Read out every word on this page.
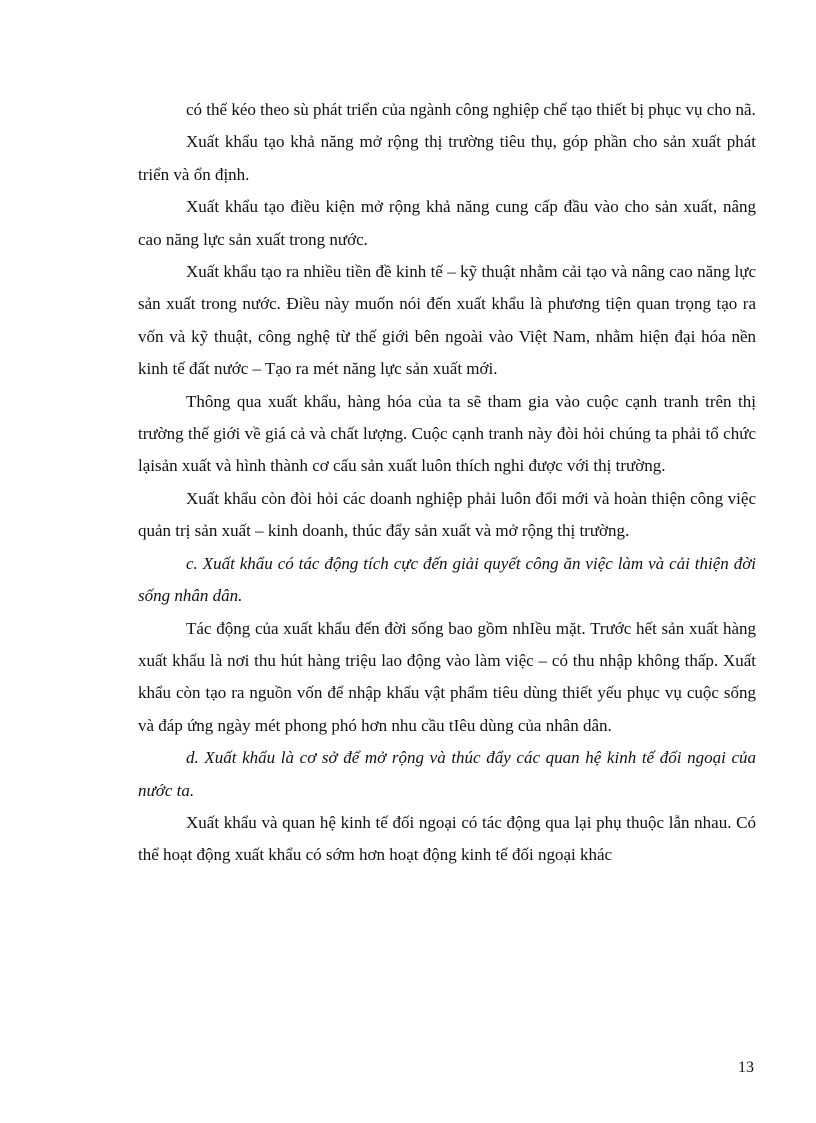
có thể kéo theo sù phát triển của ngành công nghiệp chế tạo thiết bị phục vụ cho nã.

Xuất khẩu tạo khả năng mở rộng thị trường tiêu thụ, góp phần cho sản xuất phát triển và ổn định.

Xuất khẩu tạo điều kiện mở rộng khả năng cung cấp đầu vào cho sản xuất, nâng cao năng lực sản xuất trong nước.

Xuất khẩu tạo ra nhiều tiền đề kinh tế – kỹ thuật nhằm cải tạo và nâng cao năng lực sản xuất trong nước. Điều này muốn nói đến xuất khẩu là phương tiện quan trọng tạo ra vốn và kỹ thuật, công nghệ từ thế giới bên ngoài vào Việt Nam, nhằm hiện đại hóa nền kinh tế đất nước – Tạo ra mét năng lực sản xuất mới.

Thông qua xuất khẩu, hàng hóa của ta sẽ tham gia vào cuộc cạnh tranh trên thị trường thế giới về giá cả và chất lượng. Cuộc cạnh tranh này đòi hỏi chúng ta phải tổ chức lạisản xuất và hình thành cơ cấu sản xuất luôn thích nghi được với thị trường.

Xuất khẩu còn đòi hỏi các doanh nghiệp phải luôn đổi mới và hoàn thiện công việc quản trị sản xuất – kinh doanh, thúc đẩy sản xuất và mở rộng thị trường.

c. Xuất khẩu có tác động tích cực đến giải quyết công ăn việc làm và cải thiện đời sống nhân dân.

Tác động của xuất khẩu đến đời sống bao gồm nhIều mặt. Trước hết sản xuất hàng xuất khẩu là nơi thu hút hàng triệu lao động vào làm việc – có thu nhập không thấp. Xuất khẩu còn tạo ra nguồn vốn để nhập khẩu vật phẩm tiêu dùng thiết yếu phục vụ cuộc sống và đáp ứng ngày mét phong phó hơn nhu cầu tIêu dùng của nhân dân.

d. Xuất khẩu là cơ sở để mở rộng và thúc đẩy các quan hệ kinh tế đối ngoại của nước ta.

Xuất khẩu và quan hệ kinh tế đối ngoại có tác động qua lại phụ thuộc lẫn nhau. Có thể hoạt động xuất khẩu có sớm hơn hoạt động kinh tế đối ngoại khác

13
